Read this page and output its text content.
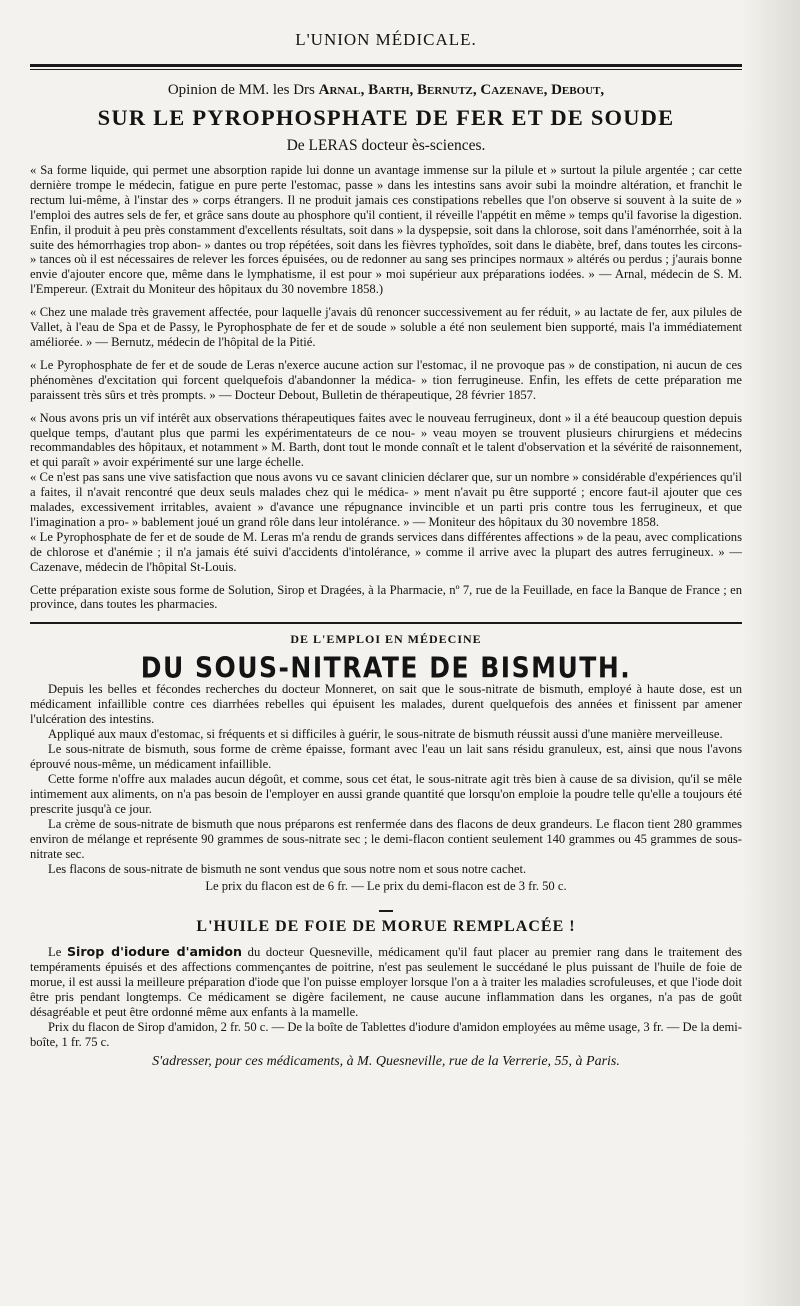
L'UNION MÉDICALE.
Opinion de MM. les Drs Arnal, Barth, Bernutz, Cazenave, Debout,
SUR LE PYROPHOSPHATE DE FER ET DE SOUDE
De LERAS docteur ès-sciences.

« Sa forme liquide, qui permet une absorption rapide lui donne un avantage immense sur la pilule et » surtout la pilule argentée ; car cette dernière trompe le médecin, fatigue en pure perte l'estomac, passe » dans les intestins sans avoir subi la moindre altération, et franchit le rectum lui-même, à l'instar des » corps étrangers. Il ne produit jamais ces constipations rebelles que l'on observe si souvent à la suite de » l'emploi des autres sels de fer, et grâce sans doute au phosphore qu'il contient, il réveille l'appétit en même » temps qu'il favorise la digestion. Enfin, il produit à peu près constamment d'excellents résultats, soit dans » la dyspepsie, soit dans la chlorose, soit dans l'aménorrhée, soit à la suite des hémorrhagies trop abon- » dantes ou trop répétées, soit dans les fièvres typhoïdes, soit dans le diabète, bref, dans toutes les circons- » tances où il est nécessaires de relever les forces épuisées, ou de redonner au sang ses principes normaux » altérés ou perdus ; j'aurais bonne envie d'ajouter encore que, même dans le lymphatisme, il est pour » moi supérieur aux préparations iodées. » — Arnal, médecin de S. M. l'Empereur. (Extrait du Moniteur des hôpitaux du 30 novembre 1858.)

« Chez une malade très gravement affectée, pour laquelle j'avais dû renoncer successivement au fer réduit, » au lactate de fer, aux pilules de Vallet, à l'eau de Spa et de Passy, le Pyrophosphate de fer et de soude » soluble a été non seulement bien supporté, mais l'a immédiatement améliorée. » — Bernutz, médecin de l'hôpital de la Pitié.

« Le Pyrophosphate de fer et de soude de Leras n'exerce aucune action sur l'estomac, il ne provoque pas » de constipation, ni aucun de ces phénomènes d'excitation qui forcent quelquefois d'abandonner la médica- » tion ferrugineuse. Enfin, les effets de cette préparation me paraissent très sûrs et très prompts. » — Docteur Debout, Bulletin de thérapeutique, 28 février 1857.

« Nous avons pris un vif intérêt aux observations thérapeutiques faites avec le nouveau ferrugineux, dont » il a été beaucoup question depuis quelque temps, d'autant plus que parmi les expérimentateurs de ce nou- » veau moyen se trouvent plusieurs chirurgiens et médecins recommandables des hôpitaux, et notamment » M. Barth, dont tout le monde connaît et le talent d'observation et la sévérité de raisonnement, et qui paraît » avoir expérimenté sur une large échelle.

« Ce n'est pas sans une vive satisfaction que nous avons vu ce savant clinicien déclarer que, sur un nombre » considérable d'expériences qu'il a faites, il n'avait rencontré que deux seuls malades chez qui le médica- » ment n'avait pu être supporté ; encore faut-il ajouter que ces malades, excessivement irritables, avaient » d'avance une répugnance invincible et un parti pris contre tous les ferrugineux, et que l'imagination a pro- » bablement joué un grand rôle dans leur intolérance. » — Moniteur des hôpitaux du 30 novembre 1858.

« Le Pyrophosphate de fer et de soude de M. Leras m'a rendu de grands services dans différentes affections » de la peau, avec complications de chlorose et d'anémie ; il n'a jamais été suivi d'accidents d'intolérance, » comme il arrive avec la plupart des autres ferrugineux. » — Cazenave, médecin de l'hôpital St-Louis.

Cette préparation existe sous forme de Solution, Sirop et Dragées, à la Pharmacie, nº 7, rue de la Feuillade, en face la Banque de France ; en province, dans toutes les pharmacies.

DE L'EMPLOI EN MÉDECINE
DU SOUS-NITRATE DE BISMUTH.

Depuis les belles et fécondes recherches du docteur Monneret, on sait que le sous-nitrate de bismuth, employé à haute dose, est un médicament infaillible contre ces diarrhées rebelles qui épuisent les malades, durent quelquefois des années et finissent par amener l'ulcération des intestins.

Appliqué aux maux d'estomac, si fréquents et si difficiles à guérir, le sous-nitrate de bismuth réussit aussi d'une manière merveilleuse.

Le sous-nitrate de bismuth, sous forme de crème épaisse, formant avec l'eau un lait sans résidu granuleux, est, ainsi que nous l'avons éprouvé nous-même, un médicament infaillible.

Cette forme n'offre aux malades aucun dégoût, et comme, sous cet état, le sous-nitrate agit très bien à cause de sa division, qu'il se mêle intimement aux aliments, on n'a pas besoin de l'employer en aussi grande quantité que lorsqu'on emploie la poudre telle qu'elle a toujours été prescrite jusqu'à ce jour.

La crème de sous-nitrate de bismuth que nous préparons est renfermée dans des flacons de deux grandeurs. Le flacon tient 280 grammes environ de mélange et représente 90 grammes de sous-nitrate sec ; le demi-flacon contient seulement 140 grammes ou 45 grammes de sous-nitrate sec.

Les flacons de sous-nitrate de bismuth ne sont vendus que sous notre nom et sous notre cachet.

Le prix du flacon est de 6 fr. — Le prix du demi-flacon est de 3 fr. 50 c.
L'HUILE DE FOIE DE MORUE REMPLACÉE !

Le Sirop d'iodure d'amidon du docteur Quesneville, médicament qu'il faut placer au premier rang dans le traitement des tempéraments épuisés et des affections commençantes de poitrine, n'est pas seulement le succédané le plus puissant de l'huile de foie de morue, il est aussi la meilleure préparation d'iode que l'on puisse employer lorsque l'on a à traiter les maladies scrofuleuses, et que l'iode doit être pris pendant longtemps. Ce médicament se digère facilement, ne cause aucune inflammation dans les organes, n'a pas de goût désagréable et peut être ordonné même aux enfants à la mamelle.

Prix du flacon de Sirop d'amidon, 2 fr. 50 c. — De la boîte de Tablettes d'iodure d'amidon employées au même usage, 3 fr. — De la demi-boîte, 1 fr. 75 c.

S'adresser, pour ces médicaments, à M. Quesneville, rue de la Verrerie, 55, à Paris.
